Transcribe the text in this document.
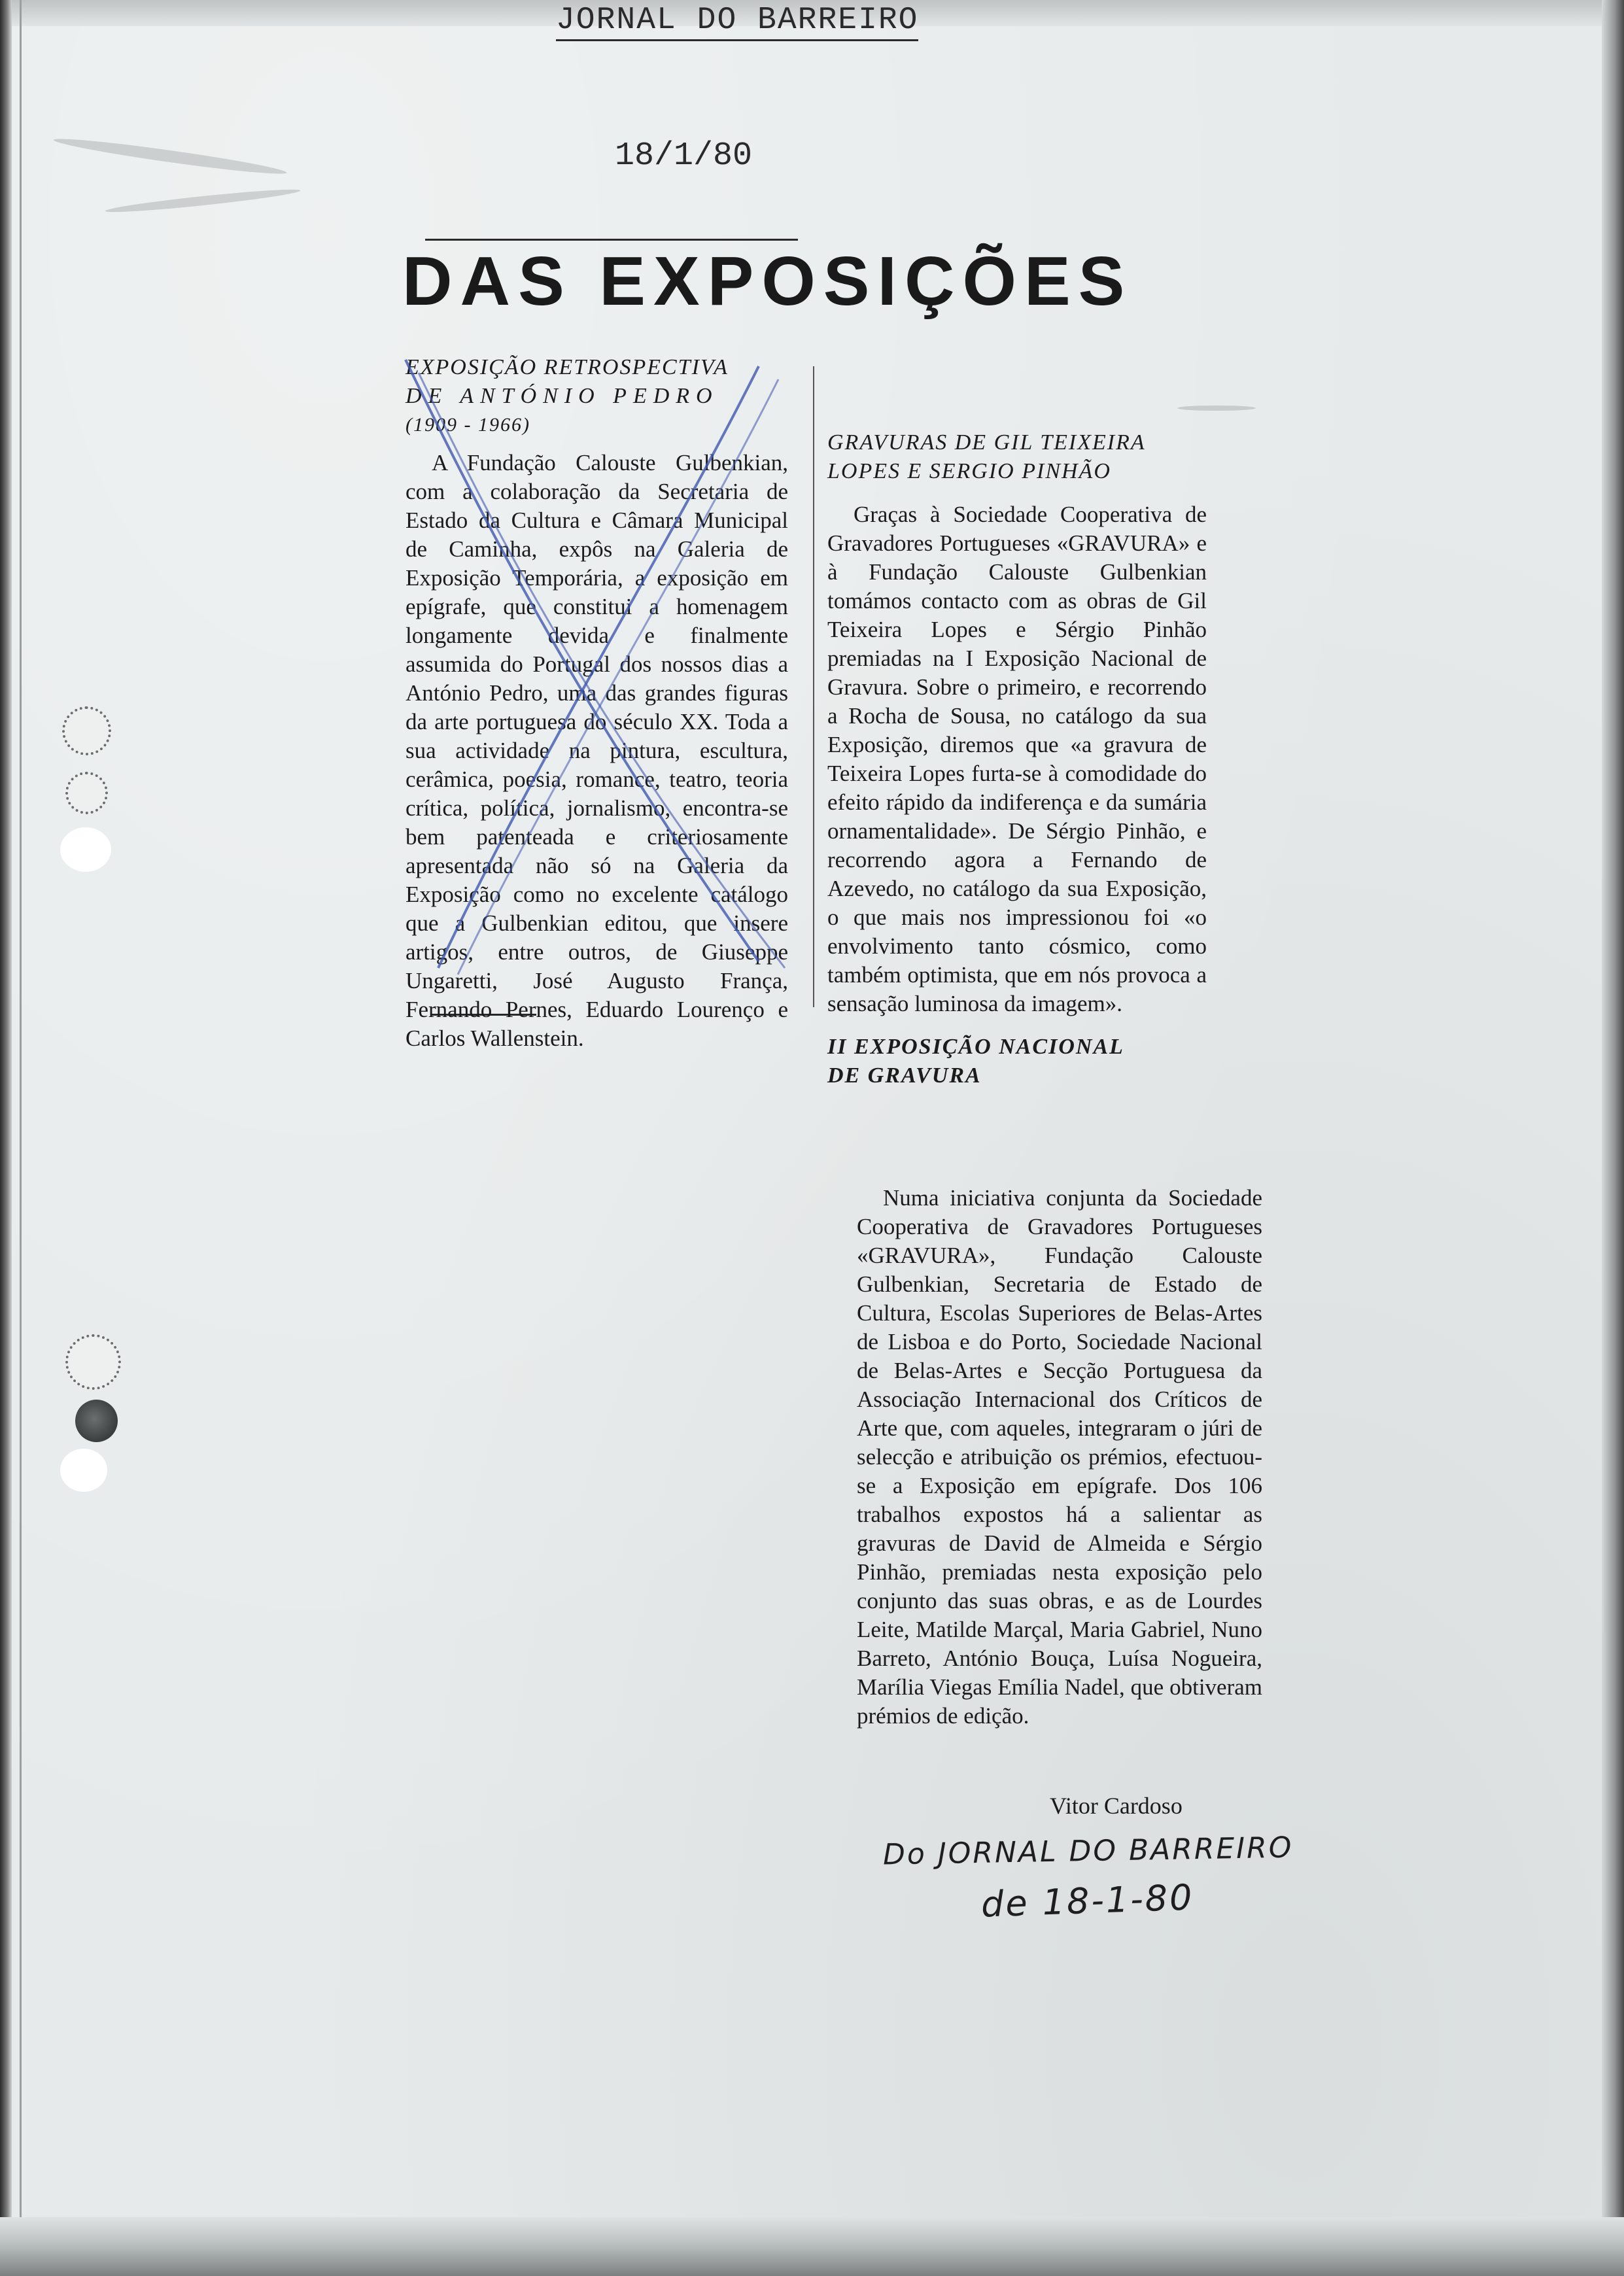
JORNAL DO BARREIRO
18/1/80
DAS EXPOSIÇÕES

EXPOSIÇÃO RETROSPECTIVA

DE ANTÓNIO PEDRO

(1909 - 1966)

A Fundação Calouste Gulbenkian, com a colaboração da Secretaria de Estado da Cultura e Câmara Municipal de Caminha, expôs na Galeria de Exposição Temporária, a exposição em epígrafe, que constitui a homenagem longamente devida e finalmente assumida do Portugal dos nossos dias a António Pedro, uma das grandes figuras da arte portuguesa do século XX. Toda a sua actividade na pintura, escultura, cerâmica, poesia, romance, teatro, teoria crítica, política, jornalismo, encontra-se bem patenteada e criteriosamente apresentada não só na Galeria da Exposição como no excelente catálogo que a Gulbenkian editou, que insere artigos, entre outros, de Giuseppe Ungaretti, José Augusto França, Fernando Pernes, Eduardo Lourenço e Carlos Wallenstein.

GRAVURAS DE GIL TEIXEIRA

LOPES E SERGIO PINHÃO

Graças à Sociedade Cooperativa de Gravadores Portugueses «GRAVURA» e à Fundação Calouste Gulbenkian tomámos contacto com as obras de Gil Teixeira Lopes e Sérgio Pinhão premiadas na I Exposição Nacional de Gravura. Sobre o primeiro, e recorrendo a Rocha de Sousa, no catálogo da sua Exposição, diremos que «a gravura de Teixeira Lopes furta-se à comodidade do efeito rápido da indiferença e da sumária ornamentalidade». De Sérgio Pinhão, e recorrendo agora a Fernando de Azevedo, no catálogo da sua Exposição, o que mais nos impressionou foi «o envolvimento tanto cósmico, como também optimista, que em nós provoca a sensação luminosa da imagem».

II EXPOSIÇÃO NACIONAL

DE GRAVURA

Numa iniciativa conjunta da Sociedade Cooperativa de Gravadores Portugueses «GRAVURA», Fundação Calouste Gulbenkian, Secretaria de Estado de Cultura, Escolas Superiores de Belas-Artes de Lisboa e do Porto, Sociedade Nacional de Belas-Artes e Secção Portuguesa da Associação Internacional dos Críticos de Arte que, com aqueles, integraram o júri de selecção e atribuição os prémios, efectuou-se a Exposição em epígrafe. Dos 106 trabalhos expostos há a salientar as gravuras de David de Almeida e Sérgio Pinhão, premiadas nesta exposição pelo conjunto das suas obras, e as de Lourdes Leite, Matilde Marçal, Maria Gabriel, Nuno Barreto, António Bouça, Luísa Nogueira, Marília Viegas Emília Nadel, que obtiveram prémios de edição.

Vitor Cardoso
Do JORNAL DO BARREIRO
de 18-1-80
